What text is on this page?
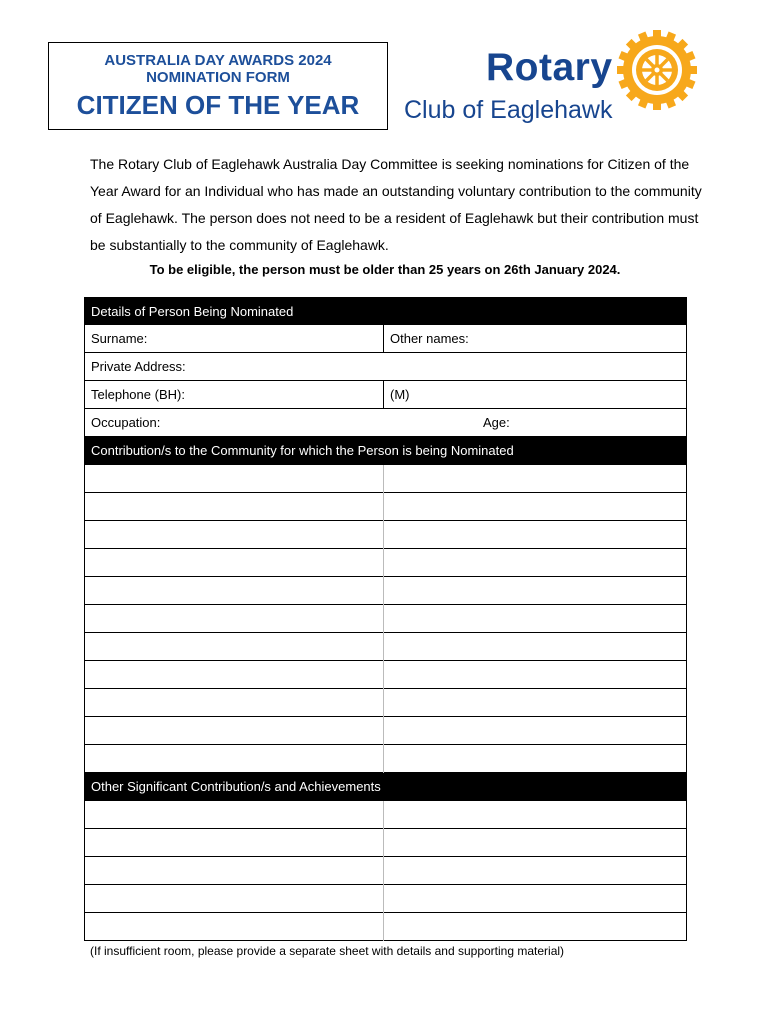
AUSTRALIA DAY AWARDS 2024
NOMINATION FORM
CITIZEN OF THE YEAR
Rotary
Club of Eaglehawk

The Rotary Club of Eaglehawk Australia Day Committee is seeking nominations for Citizen of the Year Award for an Individual who has made an outstanding voluntary contribution to the community of Eaglehawk. The person does not need to be a resident of Eaglehawk but their contribution must be substantially to the community of Eaglehawk.

To be eligible, the person must be older than 25 years on 26th January 2024.
Details of Person Being Nominated
Surname:	Other names:
Private Address:
Telephone (BH):	(M)
Occupation:	Age:
Contribution/s to the Community for which the Person is being Nominated
Other Significant Contribution/s and Achievements
(If insufficient room, please provide a separate sheet with details and supporting material)
